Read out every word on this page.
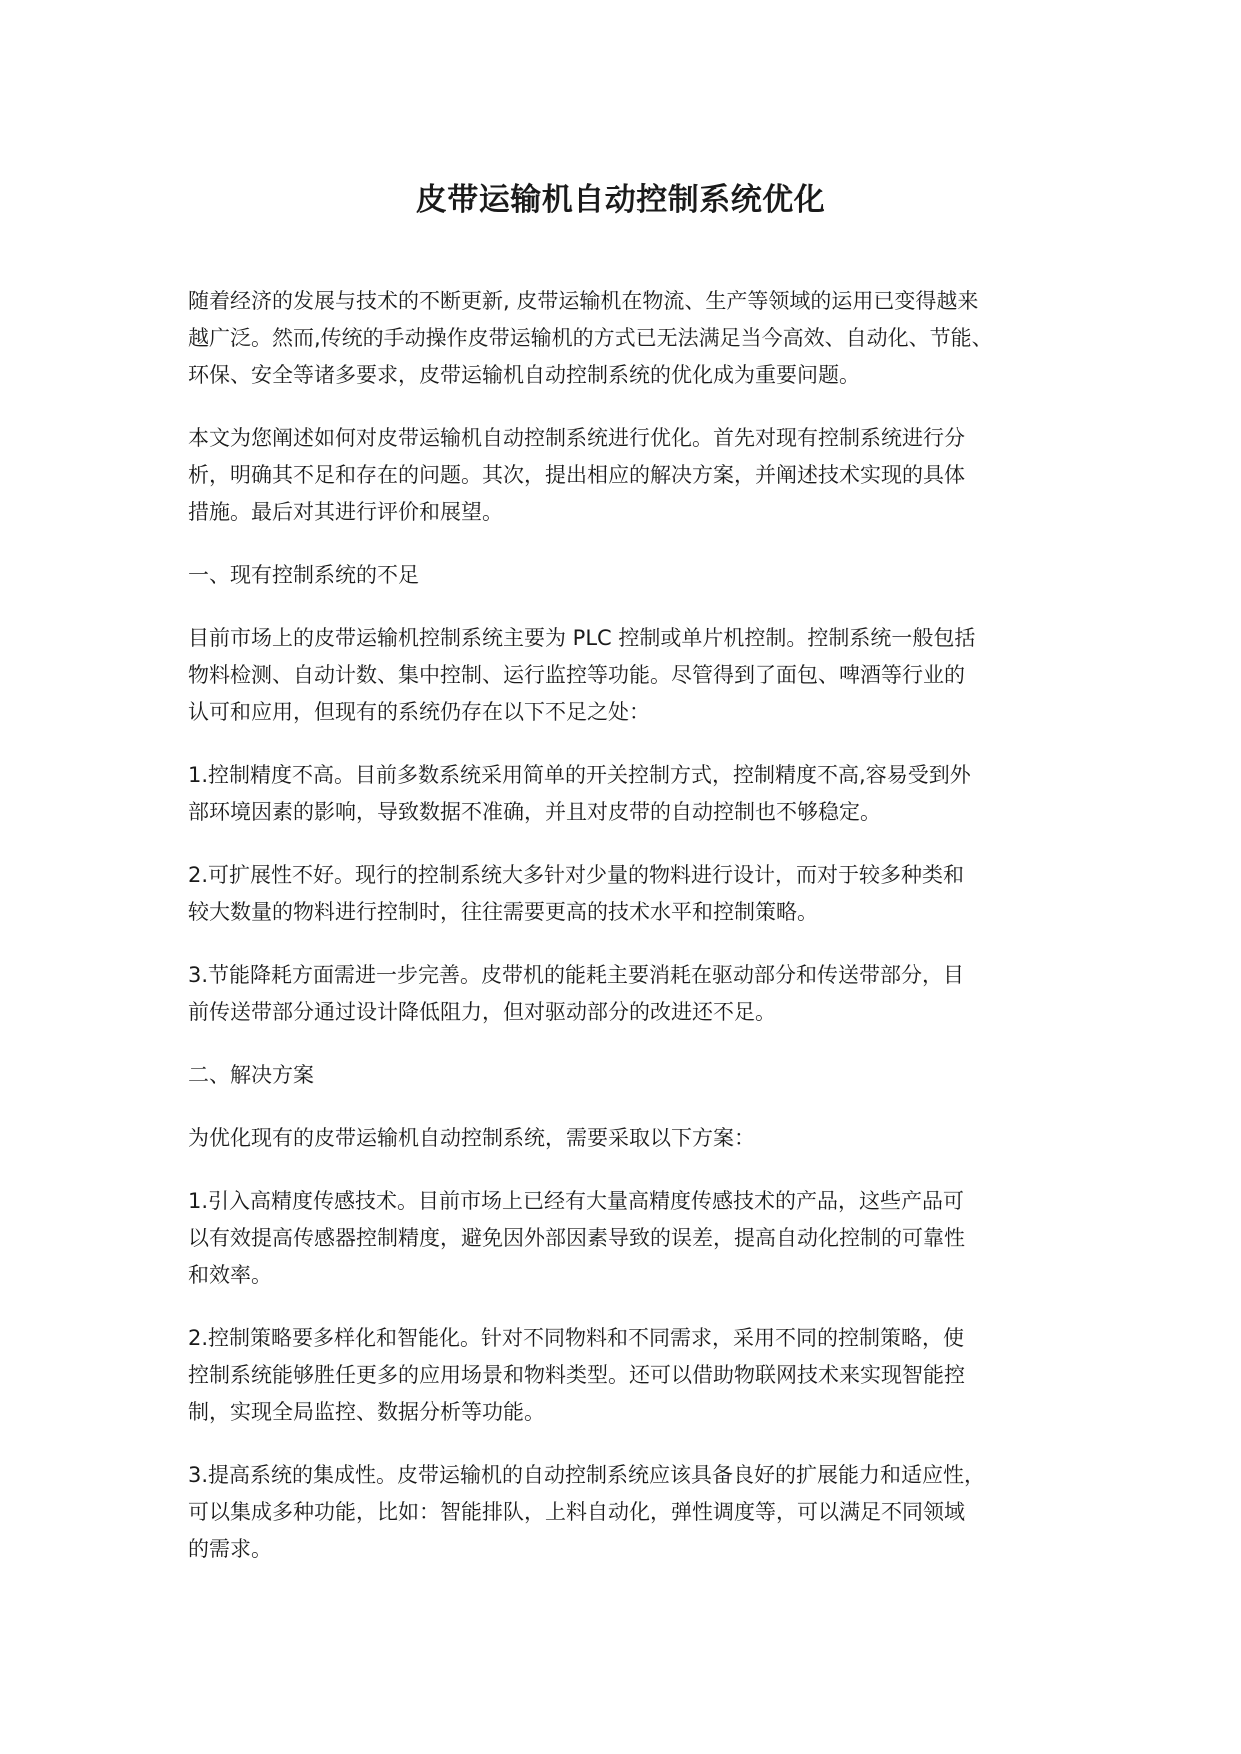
皮带运输机自动控制系统优化
随着经济的发展与技术的不断更新, 皮带运输机在物流、生产等领域的运用已变得越来
越广泛。然而,传统的手动操作皮带运输机的方式已无法满足当今高效、自动化、节能、
环保、安全等诸多要求，皮带运输机自动控制系统的优化成为重要问题。
本文为您阐述如何对皮带运输机自动控制系统进行优化。首先对现有控制系统进行分
析，明确其不足和存在的问题。其次，提出相应的解决方案，并阐述技术实现的具体
措施。最后对其进行评价和展望。
一、现有控制系统的不足
目前市场上的皮带运输机控制系统主要为 PLC 控制或单片机控制。控制系统一般包括
物料检测、自动计数、集中控制、运行监控等功能。尽管得到了面包、啤酒等行业的
认可和应用，但现有的系统仍存在以下不足之处：
1.控制精度不高。目前多数系统采用简单的开关控制方式，控制精度不高,容易受到外
部环境因素的影响，导致数据不准确，并且对皮带的自动控制也不够稳定。
2.可扩展性不好。现行的控制系统大多针对少量的物料进行设计，而对于较多种类和
较大数量的物料进行控制时，往往需要更高的技术水平和控制策略。
3.节能降耗方面需进一步完善。皮带机的能耗主要消耗在驱动部分和传送带部分，目
前传送带部分通过设计降低阻力，但对驱动部分的改进还不足。
二、解决方案
为优化现有的皮带运输机自动控制系统，需要采取以下方案：
1.引入高精度传感技术。目前市场上已经有大量高精度传感技术的产品，这些产品可
以有效提高传感器控制精度，避免因外部因素导致的误差，提高自动化控制的可靠性
和效率。
2.控制策略要多样化和智能化。针对不同物料和不同需求，采用不同的控制策略，使
控制系统能够胜任更多的应用场景和物料类型。还可以借助物联网技术来实现智能控
制，实现全局监控、数据分析等功能。
3.提高系统的集成性。皮带运输机的自动控制系统应该具备良好的扩展能力和适应性，
可以集成多种功能，比如：智能排队，上料自动化，弹性调度等，可以满足不同领域
的需求。
